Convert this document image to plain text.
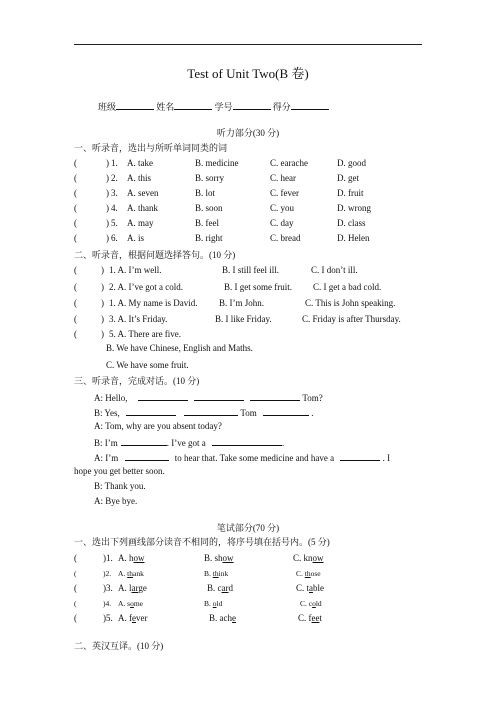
Test of Unit Two(B 卷)
班级	姓名	学号	得分
听力部分(30 分)
一、听录音，选出与所听单词同类的词
(	) 1. A. take	B. medicine	C. earache	D. good
(	) 2. A. this	B. sorry	C. hear	D. get
(	) 3. A. seven	B. lot	C. fever	D. fruit
(	) 4. A. thank	B. soon	C. you	D. wrong
(	) 5. A. may	B. feel	C. day	D. class
(	) 6. A. is	B. right	C. bread	D. Helen
二、听录音，根据问题选择答句。(10 分)
(	) 1. A. I’m well.	B. I still feel ill.	C. I don’t ill.
(	) 2. A. I’ve got a cold.	B. I get some fruit. C. I get a bad cold.
(	) 1. A. My name is David. B. I’m John.	C. This is John speaking.
(	) 3. A. It’s Friday.	B. I like Friday.	C. Friday is after Thursday.
(	) 5. A. There are five.
B. We have Chinese, English and Maths.
C. We have some fruit.
三、听录音，完成对话。(10 分)
A: Hello,	Tom?
B: Yes,	Tom	.
A: Tom, why are you absent today?
B: I’m	. I’ve got a	.
A: I’m	to hear that. Take some medicine and have a	. I
hope you get better soon.
B: Thank you.
A: Bye bye.
笔试部分(70 分)
一、选出下列画线部分读音不相同的，将序号填在括号内。(5 分)
(	)1. A. how	B. show	C. know
(	)2. A. thank	B. think	C. those
(	)3. A. large	B. card	C. table
(	)4. A. some	B. old	C. cold
(	)5. A. fever	B. ache	C. feet
二、英汉互译。(10 分)
